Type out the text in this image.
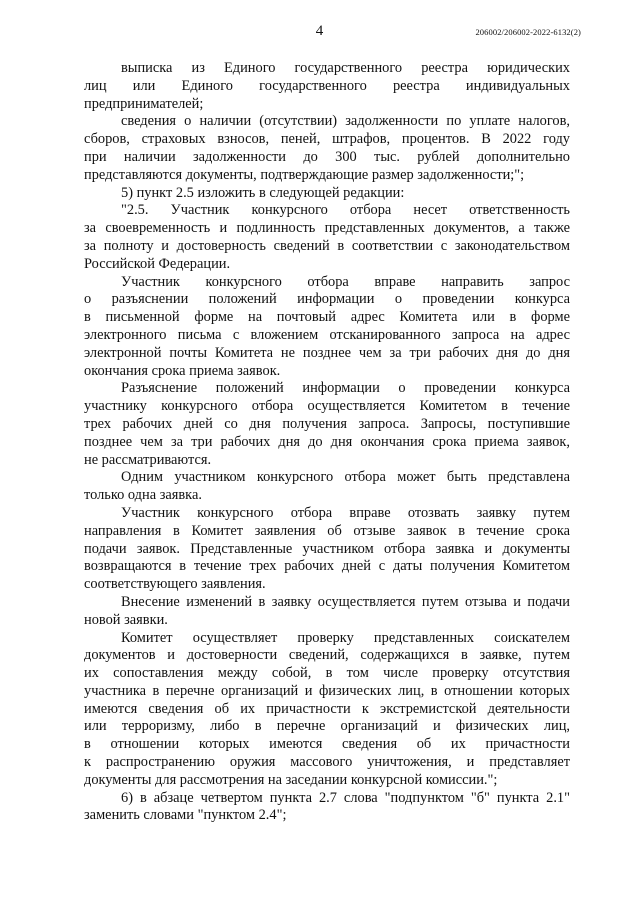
4	206002/206002-2022-6132(2)
выписка из Единого государственного реестра юридических
лиц или Единого государственного реестра индивидуальных
предпринимателей;
сведения о наличии (отсутствии) задолженности по уплате налогов,
сборов, страховых взносов, пеней, штрафов, процентов. В 2022 году
при наличии задолженности до 300 тыс. рублей дополнительно
представляются документы, подтверждающие размер задолженности;";
5) пункт 2.5 изложить в следующей редакции:
"2.5. Участник конкурсного отбора несет ответственность
за своевременность и подлинность представленных документов, а также
за полноту и достоверность сведений в соответствии с законодательством
Российской Федерации.
Участник конкурсного отбора вправе направить запрос
о разъяснении положений информации о проведении конкурса
в письменной форме на почтовый адрес Комитета или в форме
электронного письма с вложением отсканированного запроса на адрес
электронной почты Комитета не позднее чем за три рабочих дня до дня
окончания срока приема заявок.
Разъяснение положений информации о проведении конкурса
участнику конкурсного отбора осуществляется Комитетом в течение
трех рабочих дней со дня получения запроса. Запросы, поступившие
позднее чем за три рабочих дня до дня окончания срока приема заявок,
не рассматриваются.
Одним участником конкурсного отбора может быть представлена
только одна заявка.
Участник конкурсного отбора вправе отозвать заявку путем
направления в Комитет заявления об отзыве заявок в течение срока
подачи заявок. Представленные участником отбора заявка и документы
возвращаются в течение трех рабочих дней с даты получения Комитетом
соответствующего заявления.
Внесение изменений в заявку осуществляется путем отзыва и подачи
новой заявки.
Комитет осуществляет проверку представленных соискателем
документов и достоверности сведений, содержащихся в заявке, путем
их сопоставления между собой, в том числе проверку отсутствия
участника в перечне организаций и физических лиц, в отношении которых
имеются сведения об их причастности к экстремистской деятельности
или терроризму, либо в перечне организаций и физических лиц,
в отношении которых имеются сведения об их причастности
к распространению оружия массового уничтожения, и представляет
документы для рассмотрения на заседании конкурсной комиссии.";
6) в абзаце четвертом пункта 2.7 слова "подпунктом "б" пункта 2.1"
заменить словами "пунктом 2.4";
